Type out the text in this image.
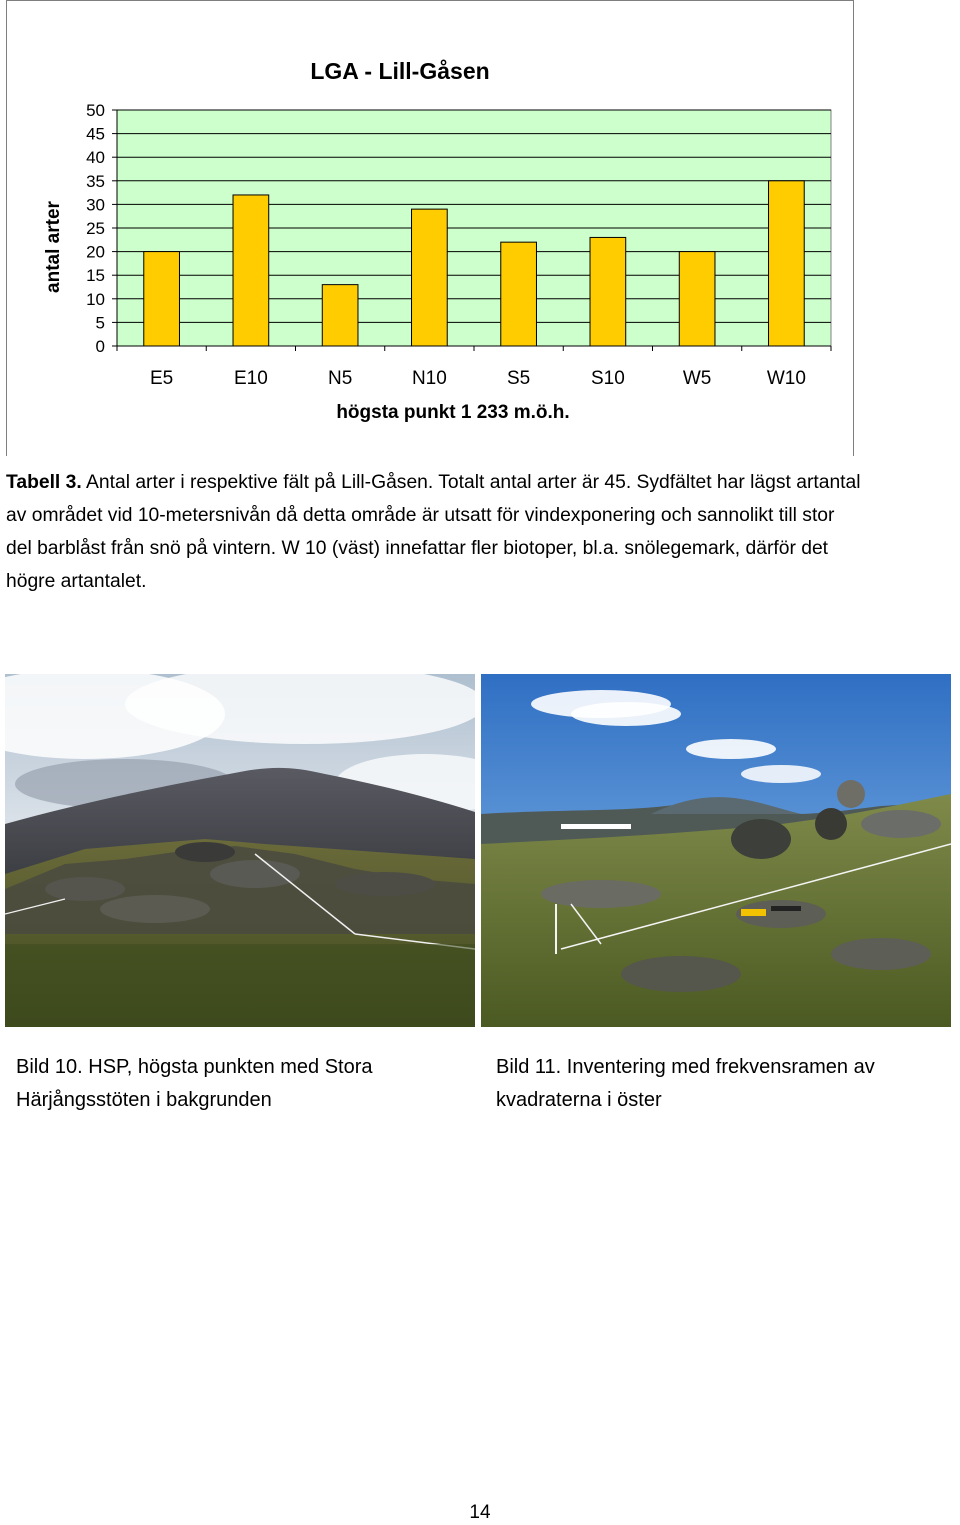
LGA - Lill-Gåsen
0
5
10
15
20
25
30
35
40
45
50
E5	E10	N5	N10	S5	S10	W5	W10
antal arter
högsta punkt 1 233 m.ö.h.
Tabell 3. Antal arter i respektive fält på Lill-Gåsen. Totalt antal arter är 45. Sydfältet har lägst artantal
av området vid 10-metersnivån då detta område är utsatt för vindexponering och sannolikt till stor
del barblåst från snö på vintern. W 10 (väst) innefattar fler biotoper, bl.a. snölegemark, därför det
högre artantalet.
Bild 10. HSP, högsta punkten med Stora
Härjångsstöten i bakgrunden
Bild 11. Inventering med frekvensramen av
kvadraterna i öster
14
